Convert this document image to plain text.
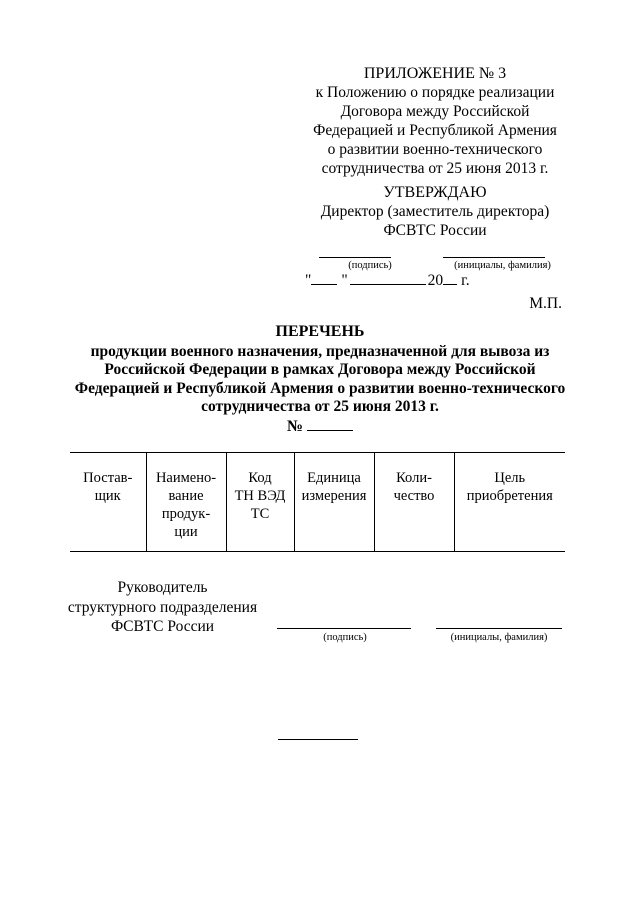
ПРИЛОЖЕНИЕ № 3
к Положению о порядке реализации
Договора между Российской
Федерацией и Республикой Армения
о развитии военно-технического
сотрудничества от 25 июня 2013 г.
УТВЕРЖДАЮ
Директор (заместитель директора)
ФСВТС России
(подпись)	(инициалы, фамилия)
" "	20 г.
М.П.
ПЕРЕЧЕНЬ
продукции военного назначения, предназначенной для вывоза из
Российской Федерации в рамках Договора между Российской
Федерацией и Республикой Армения о развитии военно-технического
сотрудничества от 25 июня 2013 г.
№
Постав-
щик

Наимено-
вание
продук-
ции

Код
ТН ВЭД
ТС

Единица
измерения

Коли-
чество

Цель
приобретения
Руководитель
структурного подразделения
ФСВТС России
(подпись)	(инициалы, фамилия)
